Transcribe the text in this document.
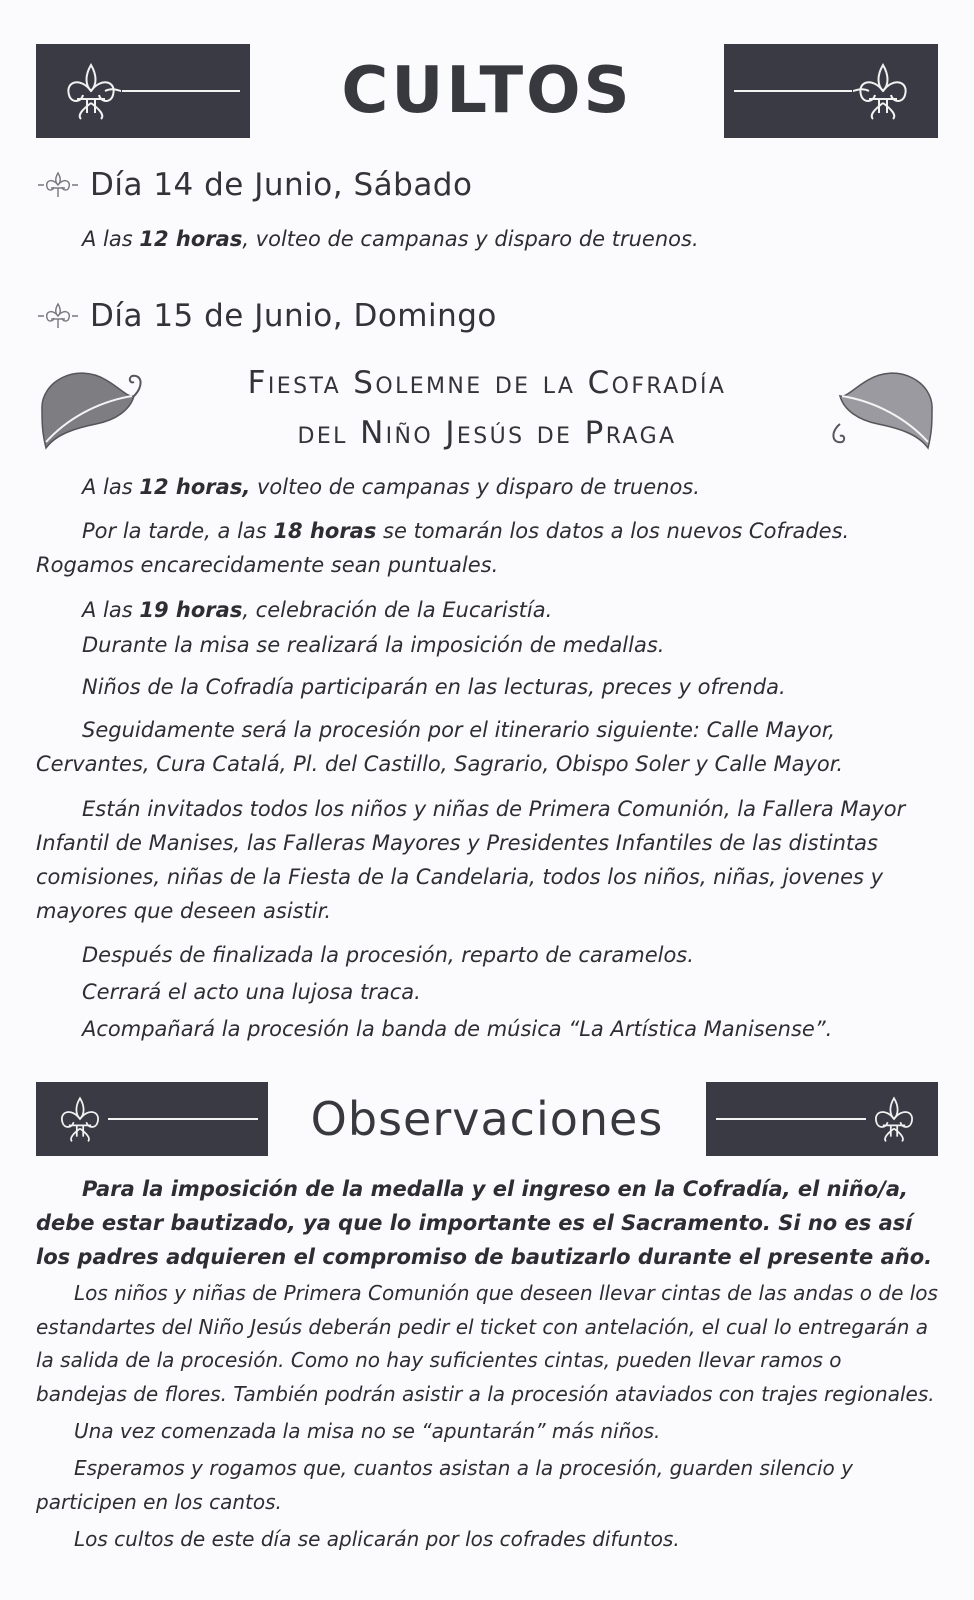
CULTOS
Día 14 de Junio, Sábado
A las 12 horas, volteo de campanas y disparo de truenos.
Día 15 de Junio, Domingo
Fiesta Solemne de la Cofradía
del Niño Jesús de Praga
A las 12 horas, volteo de campanas y disparo de truenos.
Por la tarde, a las 18 horas se tomarán los datos a los nuevos Cofrades. Rogamos encarecidamente sean puntuales.
A las 19 horas, celebración de la Eucaristía.
Durante la misa se realizará la imposición de medallas.
Niños de la Cofradía participarán en las lecturas, preces y ofrenda.
Seguidamente será la procesión por el itinerario siguiente: Calle Mayor, Cervantes, Cura Catalá, Pl. del Castillo, Sagrario, Obispo Soler y Calle Mayor.
Están invitados todos los niños y niñas de Primera Comunión, la Fallera Mayor Infantil de Manises, las Falleras Mayores y Presidentes Infantiles de las distintas comisiones, niñas de la Fiesta de la Candelaria, todos los niños, niñas, jovenes y mayores que deseen asistir.
Después de finalizada la procesión, reparto de caramelos.
Cerrará el acto una lujosa traca.
Acompañará la procesión la banda de música “La Artística Manisense”.
Observaciones
Para la imposición de la medalla y el ingreso en la Cofradía, el niño/a, debe estar bautizado, ya que lo importante es el Sacramento. Si no es así los padres adquieren el compromiso de bautizarlo durante el presente año.
Los niños y niñas de Primera Comunión que deseen llevar cintas de las andas o de los estandartes del Niño Jesús deberán pedir el ticket con antelación, el cual lo entregarán a la salida de la procesión. Como no hay suficientes cintas, pueden llevar ramos o bandejas de flores. También podrán asistir a la procesión ataviados con trajes regionales.
Una vez comenzada la misa no se “apuntarán” más niños.
Esperamos y rogamos que, cuantos asistan a la procesión, guarden silencio y participen en los cantos.
Los cultos de este día se aplicarán por los cofrades difuntos.
